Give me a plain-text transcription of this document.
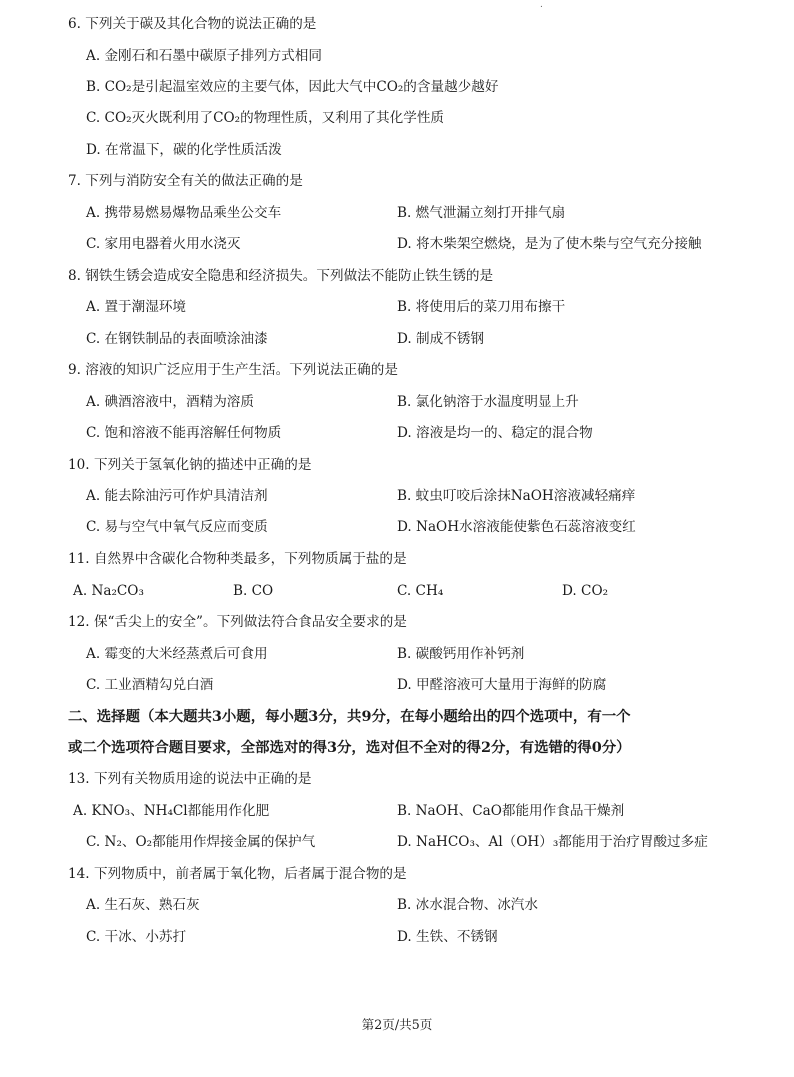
.
6. 下列关于碳及其化合物的说法正确的是
A. 金刚石和石墨中碳原子排列方式相同
B. CO₂是引起温室效应的主要气体，因此大气中CO₂的含量越少越好
C. CO₂灭火既利用了CO₂的物理性质，又利用了其化学性质
D. 在常温下，碳的化学性质活泼
7. 下列与消防安全有关的做法正确的是
A. 携带易燃易爆物品乘坐公交车	B. 燃气泄漏立刻打开排气扇
C. 家用电器着火用水浇灭	D. 将木柴架空燃烧，是为了使木柴与空气充分接触
8. 钢铁生锈会造成安全隐患和经济损失。下列做法不能防止铁生锈的是
A. 置于潮湿环境	B. 将使用后的菜刀用布擦干
C. 在钢铁制品的表面喷涂油漆	D. 制成不锈钢
9. 溶液的知识广泛应用于生产生活。下列说法正确的是
A. 碘酒溶液中，酒精为溶质	B. 氯化钠溶于水温度明显上升
C. 饱和溶液不能再溶解任何物质	D. 溶液是均一的、稳定的混合物
10. 下列关于氢氧化钠的描述中正确的是
A. 能去除油污可作炉具清洁剂	B. 蚊虫叮咬后涂抹NaOH溶液减轻痛痒
C. 易与空气中氧气反应而变质	D. NaOH水溶液能使紫色石蕊溶液变红
11. 自然界中含碳化合物种类最多，下列物质属于盐的是
A. Na₂CO₃	B. CO	C. CH₄	D. CO₂
12. 保“舌尖上的安全”。下列做法符合食品安全要求的是
A. 霉变的大米经蒸煮后可食用	B. 碳酸钙用作补钙剂
C. 工业酒精勾兑白酒	D. 甲醛溶液可大量用于海鲜的防腐
二、选择题（本大题共3小题，每小题3分，共9分，在每小题给出的四个选项中，有一个
或二个选项符合题目要求，全部选对的得3分，选对但不全对的得2分，有选错的得0分）
13. 下列有关物质用途的说法中正确的是
A. KNO₃、NH₄Cl都能用作化肥	B. NaOH、CaO都能用作食品干燥剂
C. N₂、O₂都能用作焊接金属的保护气	D. NaHCO₃、Al（OH）₃都能用于治疗胃酸过多症
14. 下列物质中，前者属于氧化物，后者属于混合物的是
A. 生石灰、熟石灰	B. 冰水混合物、冰汽水
C. 干冰、小苏打	D. 生铁、不锈钢
第2页/共5页
